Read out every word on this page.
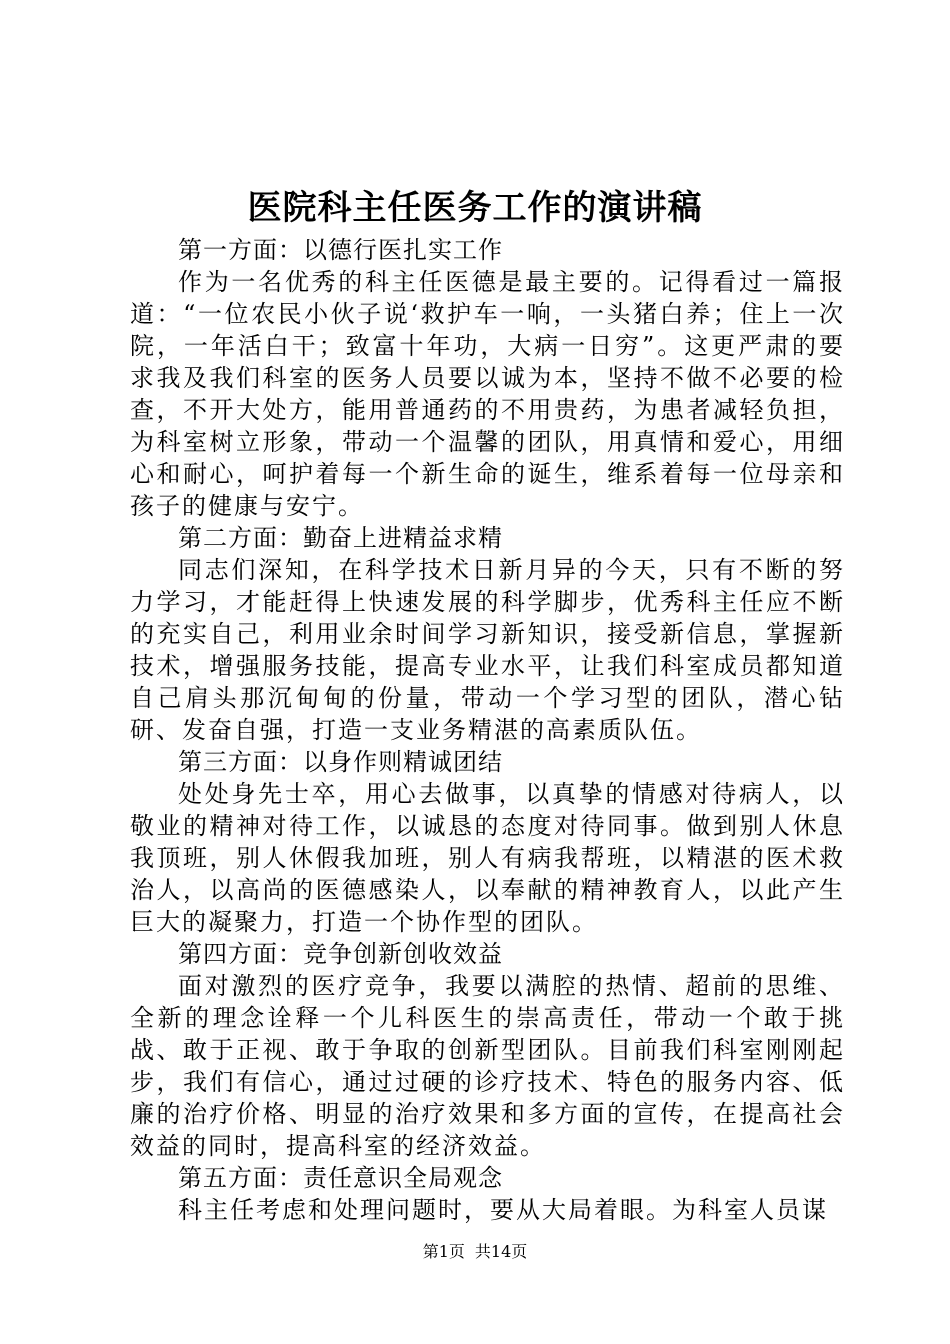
医院科主任医务工作的演讲稿

第一方面：以德行医扎实工作

作为一名优秀的科主任医德是最主要的。记得看过一篇报道：“一位农民小伙子说‘救护车一响，一头猪白养；住上一次院，一年活白干；致富十年功，大病一日穷”。这更严肃的要求我及我们科室的医务人员要以诚为本，坚持不做不必要的检查，不开大处方，能用普通药的不用贵药，为患者减轻负担，为科室树立形象，带动一个温馨的团队，用真情和爱心，用细心和耐心，呵护着每一个新生命的诞生，维系着每一位母亲和孩子的健康与安宁。

第二方面：勤奋上进精益求精

同志们深知，在科学技术日新月异的今天，只有不断的努力学习，才能赶得上快速发展的科学脚步，优秀科主任应不断的充实自己，利用业余时间学习新知识，接受新信息，掌握新技术，增强服务技能，提高专业水平，让我们科室成员都知道自己肩头那沉甸甸的份量，带动一个学习型的团队，潜心钻研、发奋自强，打造一支业务精湛的高素质队伍。

第三方面：以身作则精诚团结

处处身先士卒，用心去做事，以真挚的情感对待病人，以敬业的精神对待工作，以诚恳的态度对待同事。做到别人休息我顶班，别人休假我加班，别人有病我帮班，以精湛的医术救治人，以高尚的医德感染人，以奉献的精神教育人，以此产生巨大的凝聚力，打造一个协作型的团队。

第四方面：竞争创新创收效益

面对激烈的医疗竞争，我要以满腔的热情、超前的思维、全新的理念诠释一个儿科医生的崇高责任，带动一个敢于挑战、敢于正视、敢于争取的创新型团队。目前我们科室刚刚起步，我们有信心，通过过硬的诊疗技术、特色的服务内容、低廉的治疗价格、明显的治疗效果和多方面的宣传，在提高社会效益的同时，提高科室的经济效益。

第五方面：责任意识全局观念

科主任考虑和处理问题时，要从大局着眼。为科室人员谋

第1页 共14页
